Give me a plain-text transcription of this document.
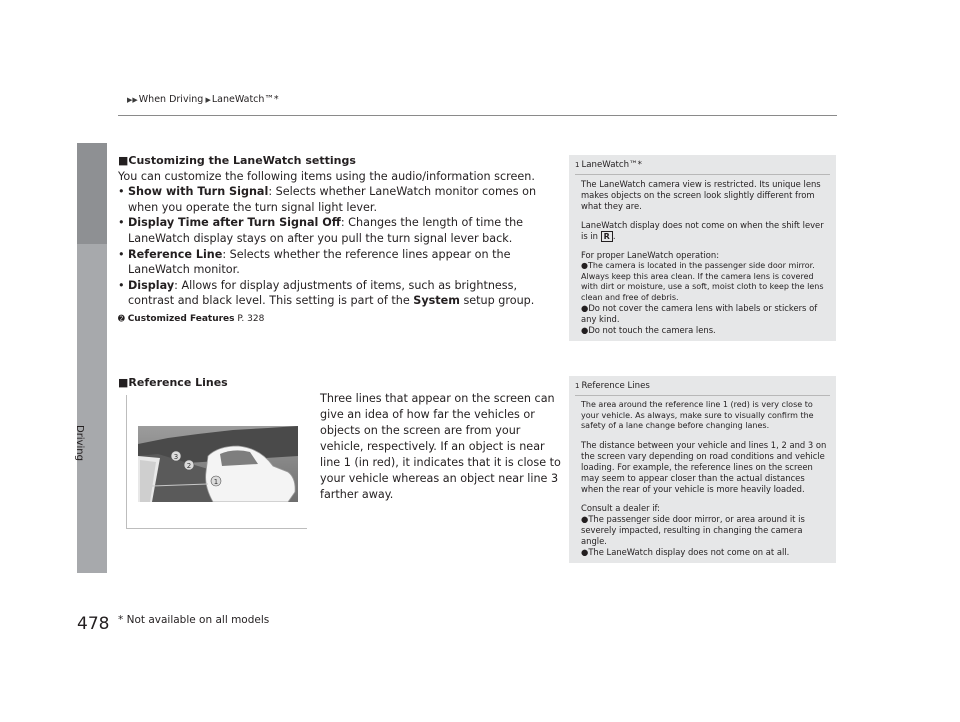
▶▶When Driving ▶LaneWatch™*
Driving
■Customizing the LaneWatch settings
You can customize the following items using the audio/information screen.
• Show with Turn Signal: Selects whether LaneWatch monitor comes on when you operate the turn signal light lever.
• Display Time after Turn Signal Off: Changes the length of time the LaneWatch display stays on after you pull the turn signal lever back.
• Reference Line: Selects whether the reference lines appear on the LaneWatch monitor.
• Display: Allows for display adjustments of items, such as brightness, contrast and black level. This setting is part of the System setup group.
➋ Customized Features P. 328
■Reference Lines
3
2
1
Three lines that appear on the screen can give an idea of how far the vehicles or objects on the screen are from your vehicle, respectively. If an object is near line 1 (in red), it indicates that it is close to your vehicle whereas an object near line 3 farther away.
1 LaneWatch™*

The LaneWatch camera view is restricted. Its unique lens makes objects on the screen look slightly different from what they are.

LaneWatch display does not come on when the shift lever is in R .

For proper LaneWatch operation:

●The camera is located in the passenger side door mirror. Always keep this area clean. If the camera lens is covered with dirt or moisture, use a soft, moist cloth to keep the lens clean and free of debris.
●Do not cover the camera lens with labels or stickers of any kind.
●Do not touch the camera lens.
1 Reference Lines

The area around the reference line 1 (red) is very close to your vehicle. As always, make sure to visually confirm the safety of a lane change before changing lanes.

The distance between your vehicle and lines 1, 2 and 3 on the screen vary depending on road conditions and vehicle loading. For example, the reference lines on the screen may seem to appear closer than the actual distances when the rear of your vehicle is more heavily loaded.

Consult a dealer if:

●The passenger side door mirror, or area around it is severely impacted, resulting in changing the camera angle.
●The LaneWatch display does not come on at all.
478 * Not available on all models
